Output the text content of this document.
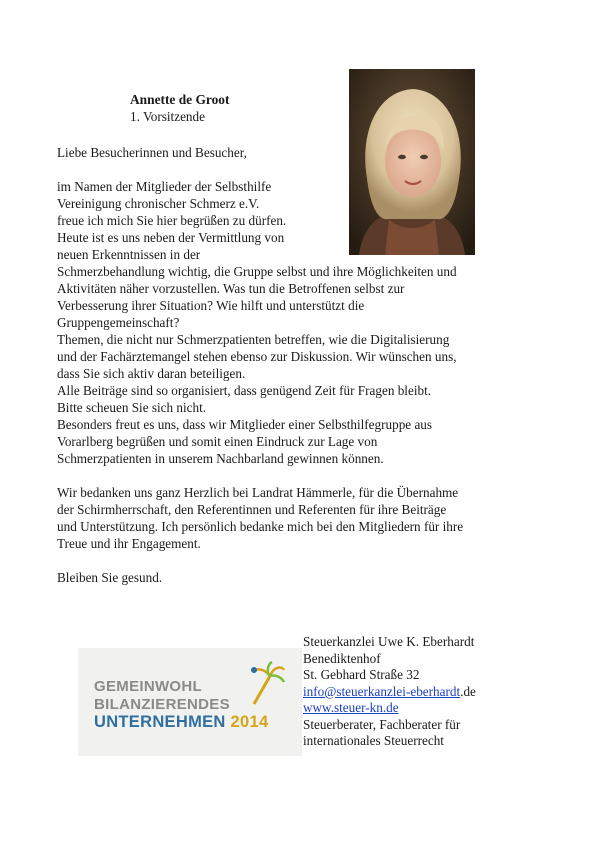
Annette de Groot
1. Vorsitzende
Liebe Besucherinnen und Besucher,

im Namen der Mitglieder der Selbsthilfe

Vereinigung chronischer Schmerz e.V.

freue ich mich Sie hier begrüßen zu dürfen.

Heute ist es uns neben der Vermittlung von

neuen Erkenntnissen in der

Schmerzbehandlung wichtig, die Gruppe selbst und ihre Möglichkeiten und

Aktivitäten näher vorzustellen. Was tun die Betroffenen selbst zur

Verbesserung ihrer Situation? Wie hilft und unterstützt die

Gruppengemeinschaft?

Themen, die nicht nur Schmerzpatienten betreffen, wie die Digitalisierung

und der Fachärztemangel stehen ebenso zur Diskussion. Wir wünschen uns,

dass Sie sich aktiv daran beteiligen.

Alle Beiträge sind so organisiert, dass genügend Zeit für Fragen bleibt.

Bitte scheuen Sie sich nicht.

Besonders freut es uns, dass wir Mitglieder einer Selbsthilfegruppe aus

Vorarlberg begrüßen und somit einen Eindruck zur Lage von

Schmerzpatienten in unserem Nachbarland gewinnen können.

Wir bedanken uns ganz Herzlich bei Landrat Hämmerle, für die Übernahme

der Schirmherrschaft, den Referentinnen und Referenten für ihre Beiträge

und Unterstützung. Ich persönlich bedanke mich bei den Mitgliedern für ihre

Treue und ihr Engagement.

Bleiben Sie gesund.
GEMEINWOHL
BILANZIERENDES
UNTERNEHMEN 2014
Steuerkanzlei Uwe K. Eberhardt
Benediktenhof
St. Gebhard Straße 32
info@steuerkanzlei-eberhardt.de
www.steuer-kn.de
Steuerberater, Fachberater für
internationales Steuerrecht
